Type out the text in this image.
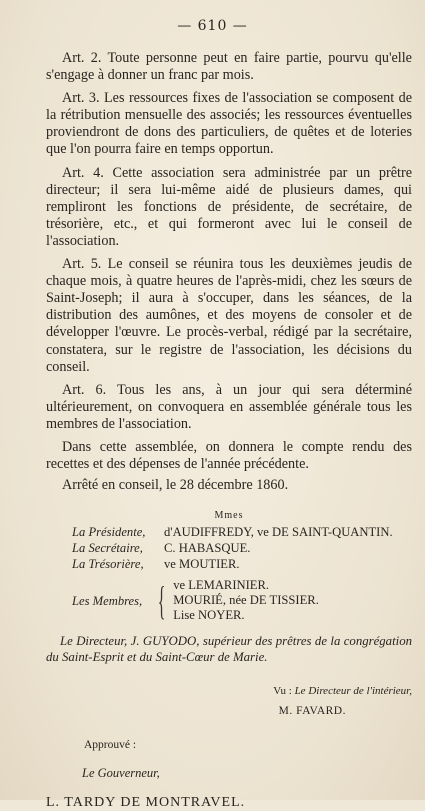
— 610 —

Art. 2. Toute personne peut en faire partie, pourvu qu'elle s'engage à donner un franc par mois.

Art. 3. Les ressources fixes de l'association se composent de la rétribution mensuelle des associés; les ressources éventuelles proviendront de dons des particuliers, de quêtes et de loteries que l'on pourra faire en temps opportun.

Art. 4. Cette association sera administrée par un prêtre directeur; il sera lui-même aidé de plusieurs dames, qui rempliront les fonctions de présidente, de secrétaire, de trésorière, etc., et qui formeront avec lui le conseil de l'association.

Art. 5. Le conseil se réunira tous les deuxièmes jeudis de chaque mois, à quatre heures de l'après-midi, chez les sœurs de Saint-Joseph; il aura à s'occuper, dans les séances, de la distribution des aumônes, et des moyens de consoler et de développer l'œuvre. Le procès-verbal, rédigé par la secrétaire, constatera, sur le registre de l'association, les décisions du conseil.

Art. 6. Tous les ans, à un jour qui sera déterminé ultérieurement, on convoquera en assemblée générale tous les membres de l'association.

Dans cette assemblée, on donnera le compte rendu des recettes et des dépenses de l'année précédente.

Arrêté en conseil, le 28 décembre 1860.

Mmes
La Présidente,	d'AUDIFFREDY, ve DE SAINT-QUANTIN.
La Secrétaire,	C. HABASQUE.
La Trésorière,	ve MOUTIER.
Les Membres, { ve LEMARINIER.
MOURIÉ, née DE TISSIER.
Lise NOYER.
Le Directeur, J. GUYODO, supérieur des prêtres de la congrégation du Saint-Esprit et du Saint-Cœur de Marie.
Vu : Le Directeur de l'intérieur,
M. FAVARD.
Approuvé :
Le Gouverneur,
L. TARDY DE MONTRAVEL.
